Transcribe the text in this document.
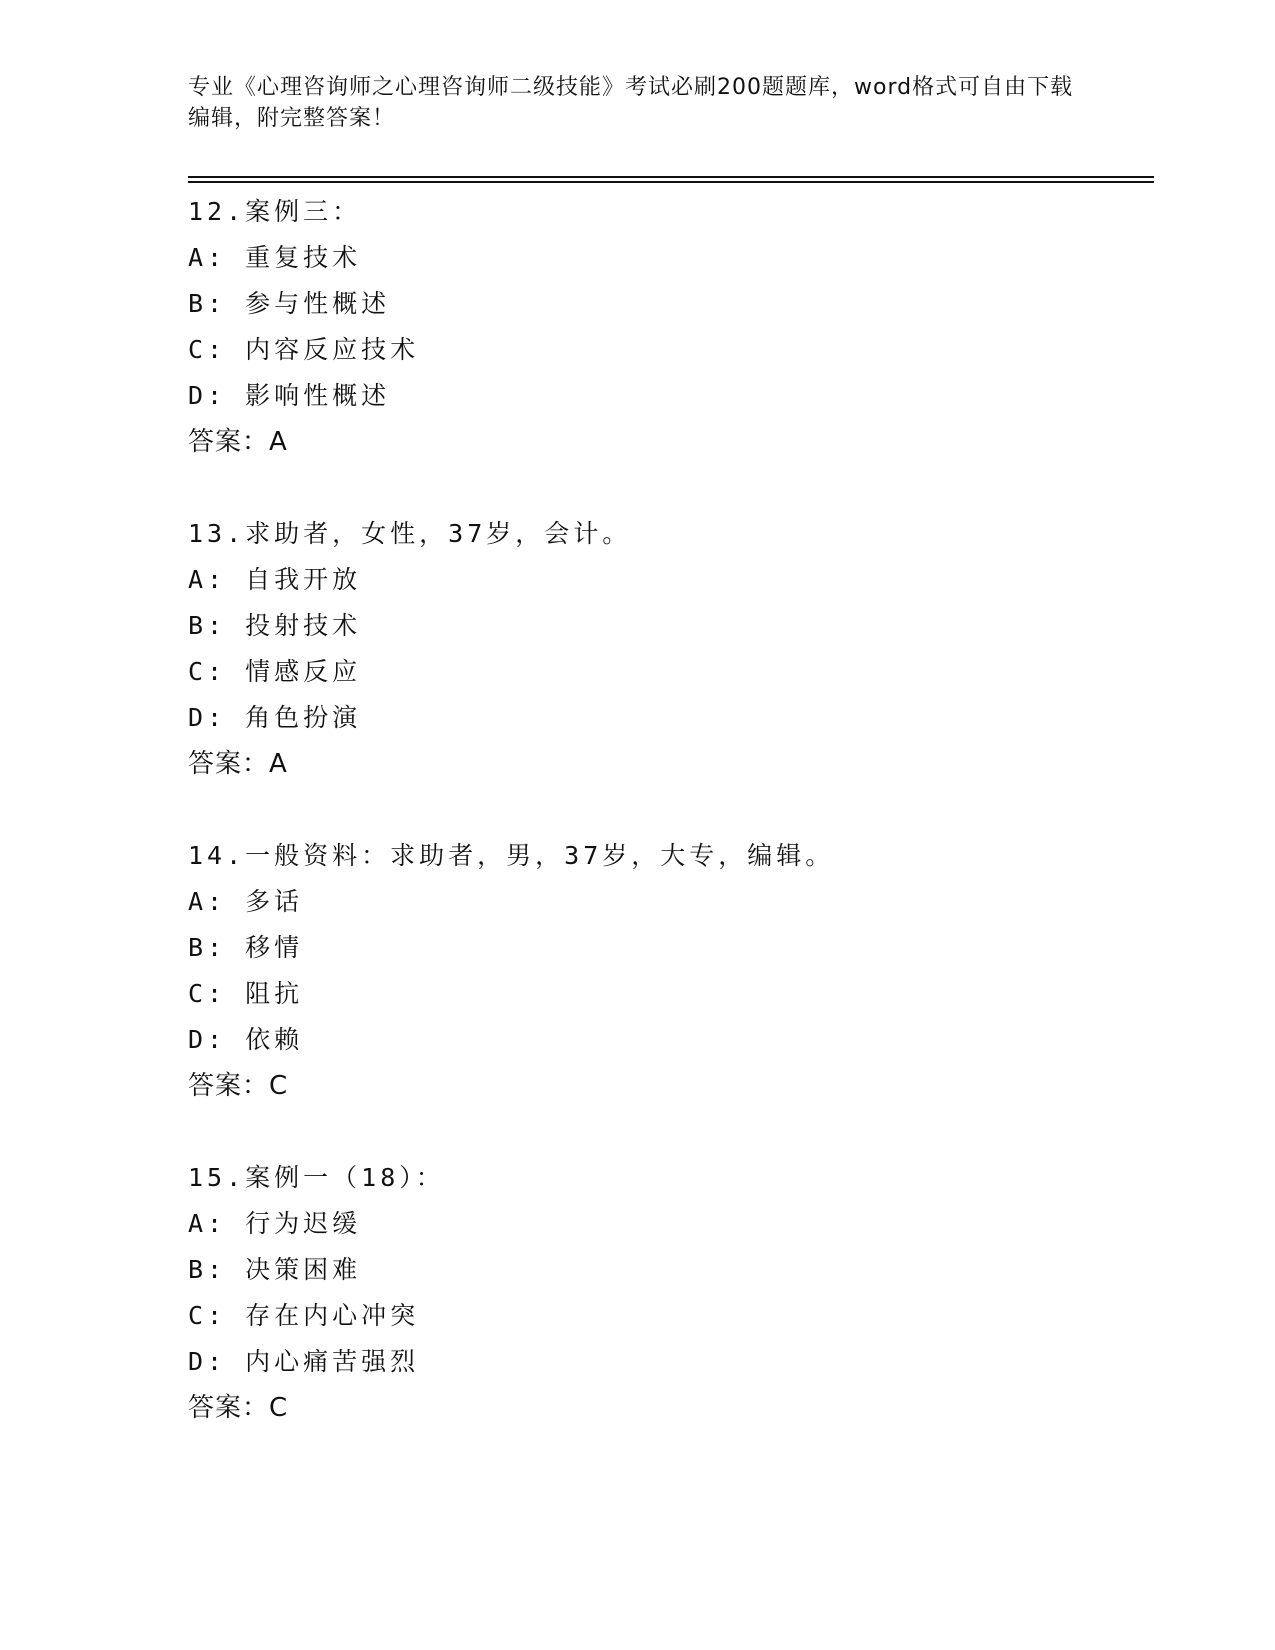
专业《心理咨询师之心理咨询师二级技能》考试必刷200题题库，word格式可自由下载编辑，附完整答案！
12.案例三：
A: 重复技术
B: 参与性概述
C: 内容反应技术
D: 影响性概述
答案：A
13.求助者，女性，37岁，会计。
A: 自我开放
B: 投射技术
C: 情感反应
D: 角色扮演
答案：A
14.一般资料：求助者，男，37岁，大专，编辑。
A: 多话
B: 移情
C: 阻抗
D: 依赖
答案：C
15.案例一（18）：
A: 行为迟缓
B: 决策困难
C: 存在内心冲突
D: 内心痛苦强烈
答案：C
